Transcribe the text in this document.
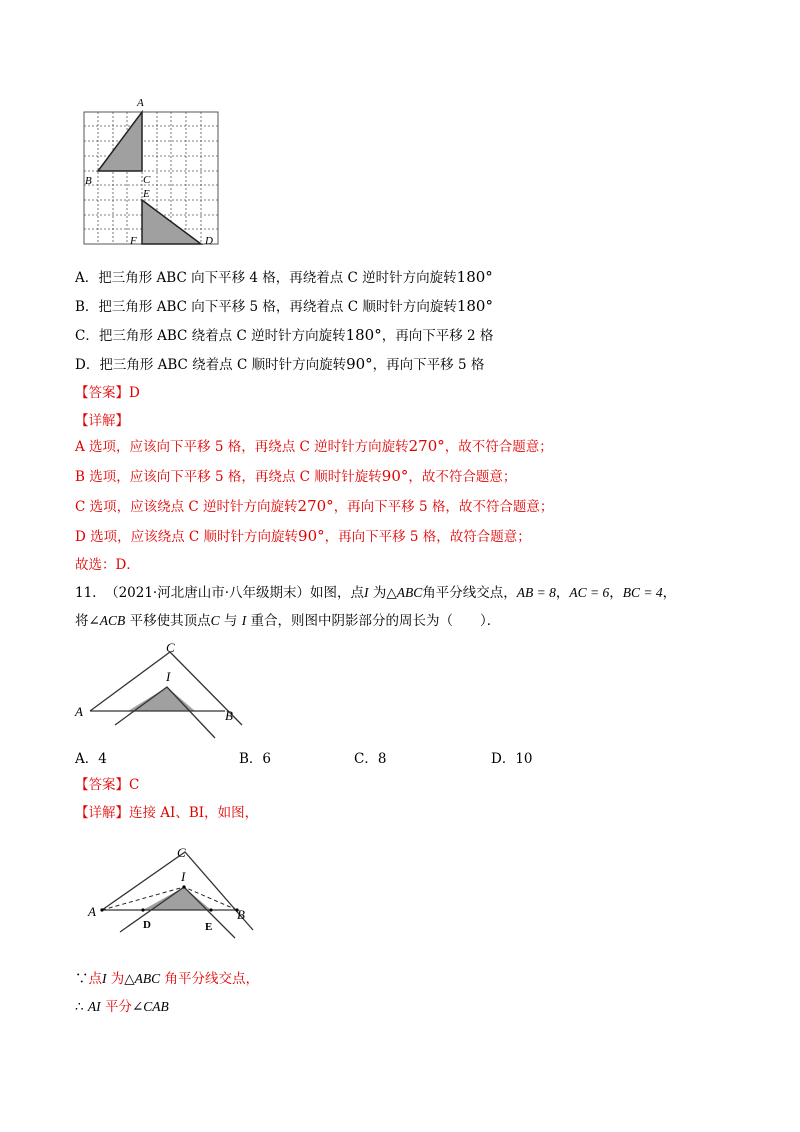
A
B	C
E
F	D
A．把三角形 ABC 向下平移 4 格，再绕着点 C 逆时针方向旋转180°
B．把三角形 ABC 向下平移 5 格，再绕着点 C 顺时针方向旋转180°
C．把三角形 ABC 绕着点 C 逆时针方向旋转180°，再向下平移 2 格
D．把三角形 ABC 绕着点 C 顺时针方向旋转90°，再向下平移 5 格
【答案】D
【详解】
A 选项，应该向下平移 5 格，再绕点 C 逆时针方向旋转270°，故不符合题意；
B 选项，应该向下平移 5 格，再绕点 C 顺时针旋转90°，故不符合题意；
C 选项，应该绕点 C 逆时针方向旋转270°，再向下平移 5 格，故不符合题意；
D 选项，应该绕点 C 顺时针方向旋转90°，再向下平移 5 格，故符合题意；
故选：D．
11. （2021·河北唐山市·八年级期末）如图，点I 为△ABC角平分线交点，AB = 8，AC = 6，BC = 4，
将∠ACB 平移使其顶点C 与 I 重合，则图中阴影部分的周长为（　　）．
C
I
A	B
A．4	B．6	C．8	D．10
【答案】C
【详解】连接 AI、BI，如图，
C
I
A	B
D	E
∵点I 为△ABC 角平分线交点，
∴ AI 平分∠CAB
